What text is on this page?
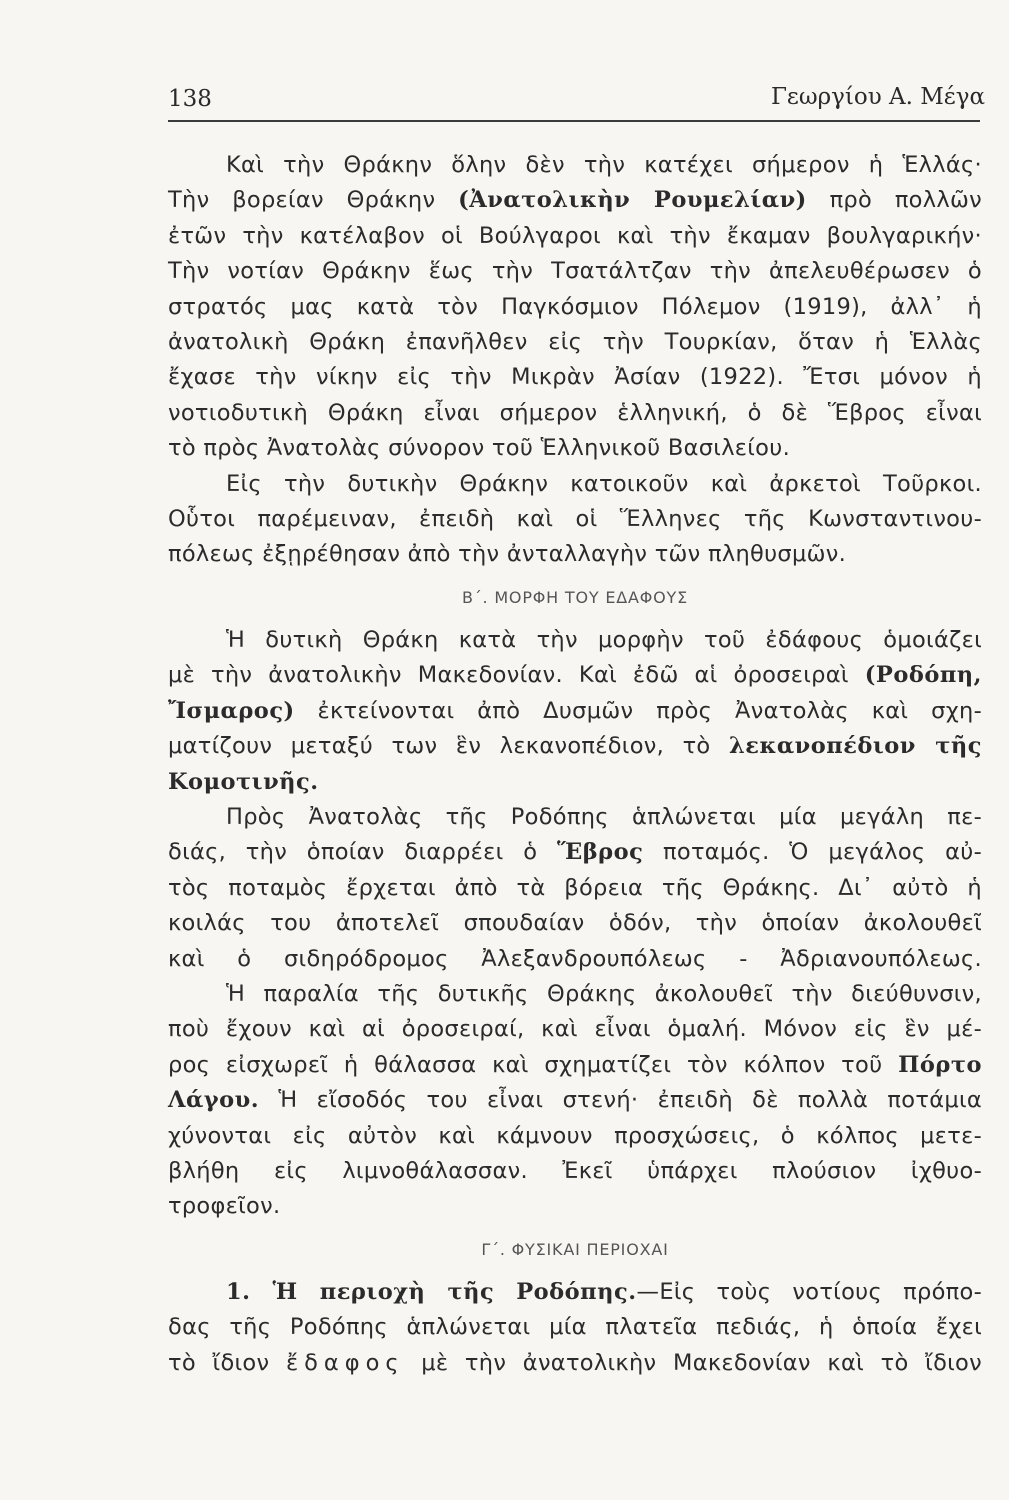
138	Γεωργίου Α. Μέγα
Καὶ τὴν Θράκην ὅλην δὲν τὴν κατέχει σήμερον ἡ Ἑλλάς·
Τὴν βορείαν Θράκην (Ἀνατολικὴν Ρουμελίαν) πρὸ πολλῶν
ἐτῶν τὴν κατέλαβον οἱ Βούλγαροι καὶ τὴν ἔκαμαν βουλγαρικήν·
Τὴν νοτίαν Θράκην ἕως τὴν Τσατάλτζαν τὴν ἀπελευθέρωσεν ὁ
στρατός μας κατὰ τὸν Παγκόσμιον Πόλεμον (1919), ἀλλ᾽ ἡ
ἀνατολικὴ Θράκη ἐπανῆλθεν εἰς τὴν Τουρκίαν, ὅταν ἡ Ἑλλὰς
ἔχασε τὴν νίκην εἰς τὴν Μικρὰν Ἀσίαν (1922). Ἔτσι μόνον ἡ
νοτιοδυτικὴ Θράκη εἶναι σήμερον ἑλληνική, ὁ δὲ Ἕβρος εἶναι
τὸ πρὸς Ἀνατολὰς σύνορον τοῦ Ἑλληνικοῦ Βασιλείου.
Εἰς τὴν δυτικὴν Θράκην κατοικοῦν καὶ ἀρκετοὶ Τοῦρκοι.
Οὗτοι παρέμειναν, ἐπειδὴ καὶ οἱ Ἕλληνες τῆς Κωνσταντινου-
πόλεως ἐξῃρέθησαν ἀπὸ τὴν ἀνταλλαγὴν τῶν πληθυσμῶν.
Β΄. ΜΟΡΦΗ ΤΟΥ ΕΔΑΦΟΥΣ
Ἡ δυτικὴ Θράκη κατὰ τὴν μορφὴν τοῦ ἐδάφους ὁμοιάζει
μὲ τὴν ἀνατολικὴν Μακεδονίαν. Καὶ ἐδῶ αἱ ὀροσειραὶ (Ροδόπη,
Ἴσμαρος) ἐκτείνονται ἀπὸ Δυσμῶν πρὸς Ἀνατολὰς καὶ σχη-
ματίζουν μεταξύ των ἓν λεκανοπέδιον, τὸ λεκανοπέδιον τῆς
Κομοτινῆς.
Πρὸς Ἀνατολὰς τῆς Ροδόπης ἁπλώνεται μία μεγάλη πε-
διάς, τὴν ὁποίαν διαρρέει ὁ Ἕβρος ποταμός. Ὁ μεγάλος αὐ-
τὸς ποταμὸς ἔρχεται ἀπὸ τὰ βόρεια τῆς Θράκης. Δι᾽ αὐτὸ ἡ
κοιλάς του ἀποτελεῖ σπουδαίαν ὁδόν, τὴν ὁποίαν ἀκολουθεῖ
καὶ ὁ σιδηρόδρομος Ἀλεξανδρουπόλεως - Ἀδριανουπόλεως.
Ἡ παραλία τῆς δυτικῆς Θράκης ἀκολουθεῖ τὴν διεύθυνσιν,
ποὺ ἔχουν καὶ αἱ ὀροσειραί, καὶ εἶναι ὁμαλή. Μόνον εἰς ἓν μέ-
ρος εἰσχωρεῖ ἡ θάλασσα καὶ σχηματίζει τὸν κόλπον τοῦ Πόρτο
Λάγου. Ἡ εἴσοδός του εἶναι στενή· ἐπειδὴ δὲ πολλὰ ποτάμια
χύνονται εἰς αὐτὸν καὶ κάμνουν προσχώσεις, ὁ κόλπος μετε-
βλήθη εἰς λιμνοθάλασσαν. Ἐκεῖ ὑπάρχει πλούσιον ἰχθυο-
τροφεῖον.
Γ΄. ΦΥΣΙΚΑΙ ΠΕΡΙΟΧΑΙ
1. Ἡ περιοχὴ τῆς Ροδόπης.—Εἰς τοὺς νοτίους πρόπο-
δας τῆς Ροδόπης ἁπλώνεται μία πλατεῖα πεδιάς, ἡ ὁποία ἔχει
τὸ ἴδιον ἔδαφος μὲ τὴν ἀνατολικὴν Μακεδονίαν καὶ τὸ ἴδιον
